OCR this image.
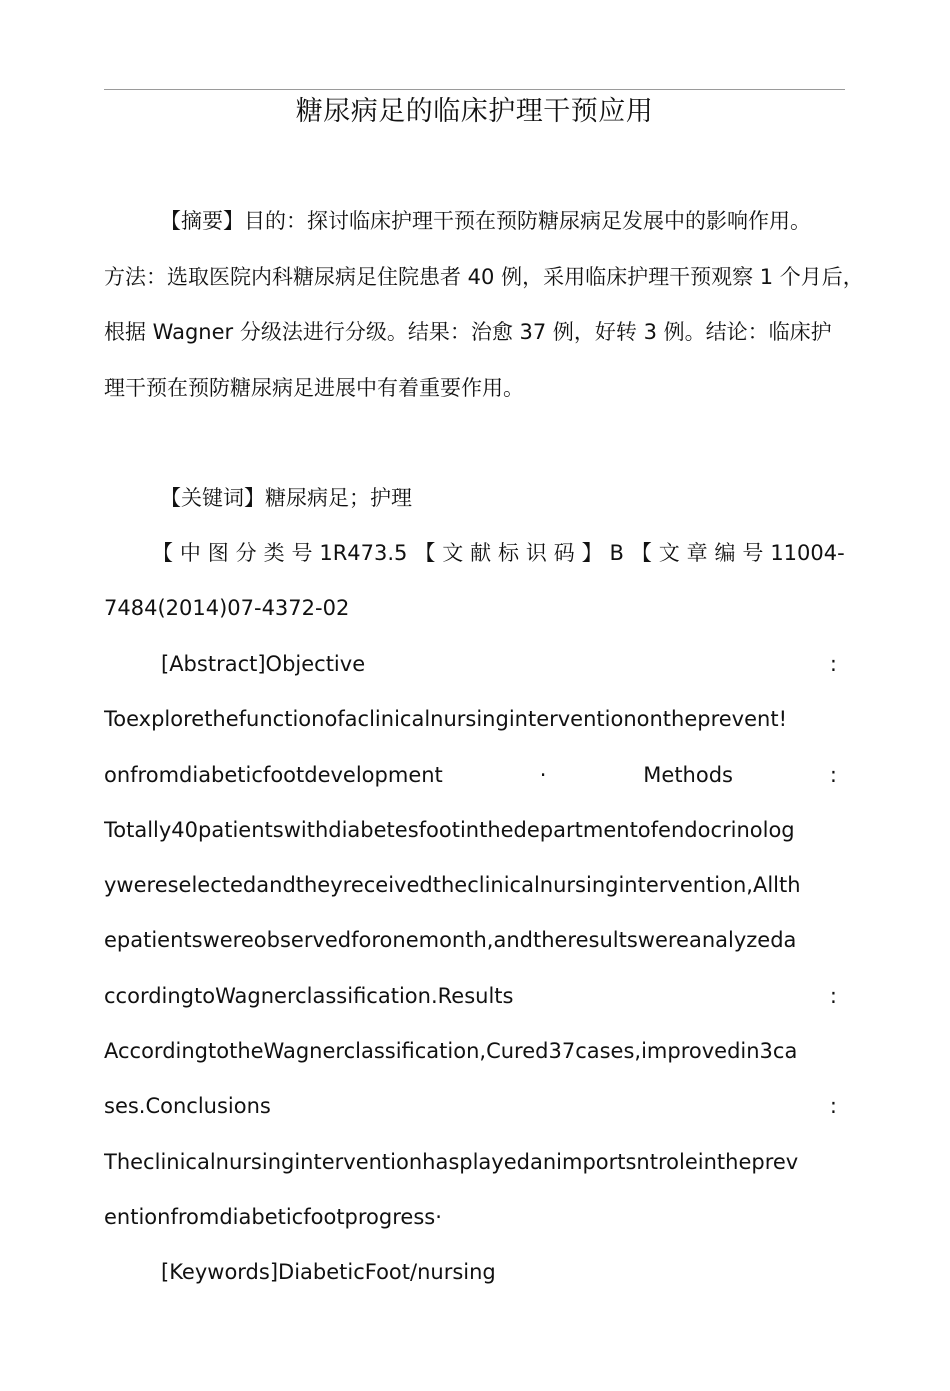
糖尿病足的临床护理干预应用
【摘要】目的：探讨临床护理干预在预防糖尿病足发展中的影响作用。
方法：选取医院内科糖尿病足住院患者 40 例，采用临床护理干预观察 1 个月后，
根据 Wagner 分级法进行分级。结果：治愈 37 例，好转 3 例。结论：临床护
理干预在预防糖尿病足进展中有着重要作用。
【关键词】糖尿病足；护理
【 中 图 分 类 号 1R473.5 【 文 献 标 识 码 】 B 【 文 章 编 号 11004-
7484(2014)07-4372-02
[Abstract]Objective	:
Toexplorethefunctionofaclinicalnursinginterventionontheprevent!
onfromdiabeticfootdevelopment	·	Methods	:
Totally40patientswithdiabetesfootinthedepartmentofendocrinolog
ywereselectedandtheyreceivedtheclinicalnursingintervention,Allth
epatientswereobservedforonemonth,andtheresultswereanalyzeda
ccordingtoWagnerclassification.Results	:
AccordingtotheWagnerclassification,Cured37cases,improvedin3ca
ses.Conclusions	:
Theclinicalnursinginterventionhasplayedanimportsntroleintheprev
entionfromdiabeticfootprogress·
[Keywords]DiabeticFoot/nursing
